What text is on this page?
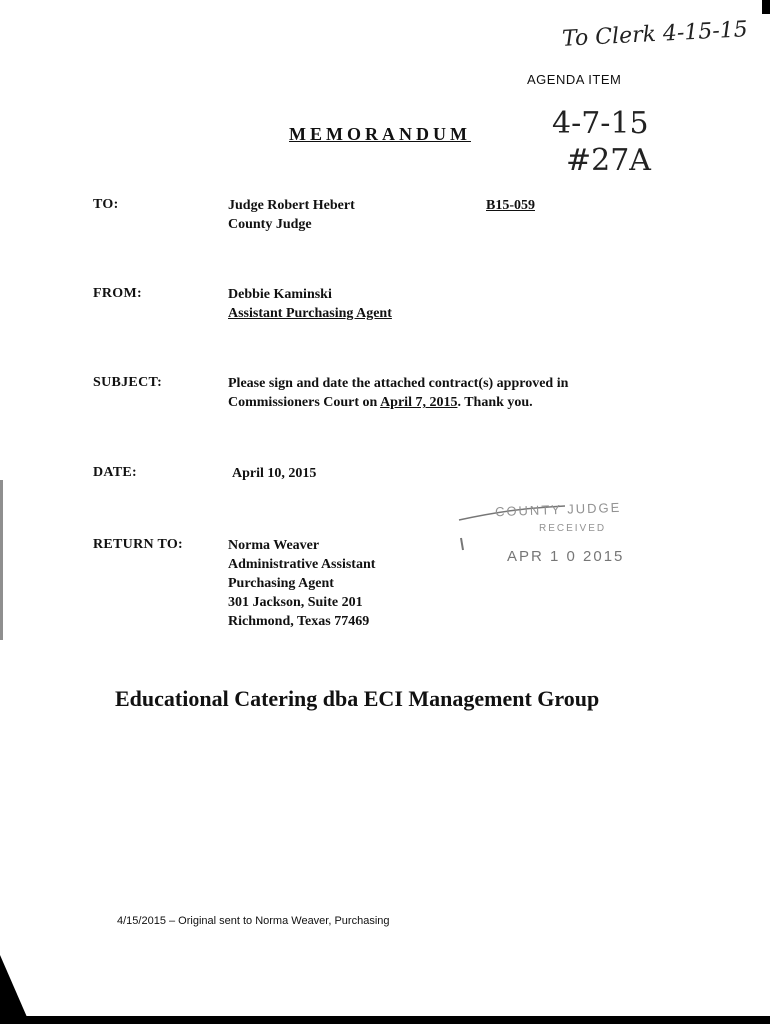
To Clerk 4-15-15
AGENDA ITEM
4-7-15
#27A
MEMORANDUM
TO:	Judge Robert Hebert
County Judge
B15-059
FROM:	Debbie Kaminski
Assistant Purchasing Agent
SUBJECT:	Please sign and date the attached contract(s) approved in
Commissioners Court on April 7, 2015. Thank you.
DATE:	April 10, 2015
RETURN TO:	Norma Weaver
Administrative Assistant
Purchasing Agent
301 Jackson, Suite 201
Richmond, Texas 77469
COUNTY JUDGE
RECEIVED
APR 1 0 2015
Educational Catering dba ECI Management Group
4/15/2015 – Original sent to Norma Weaver, Purchasing
